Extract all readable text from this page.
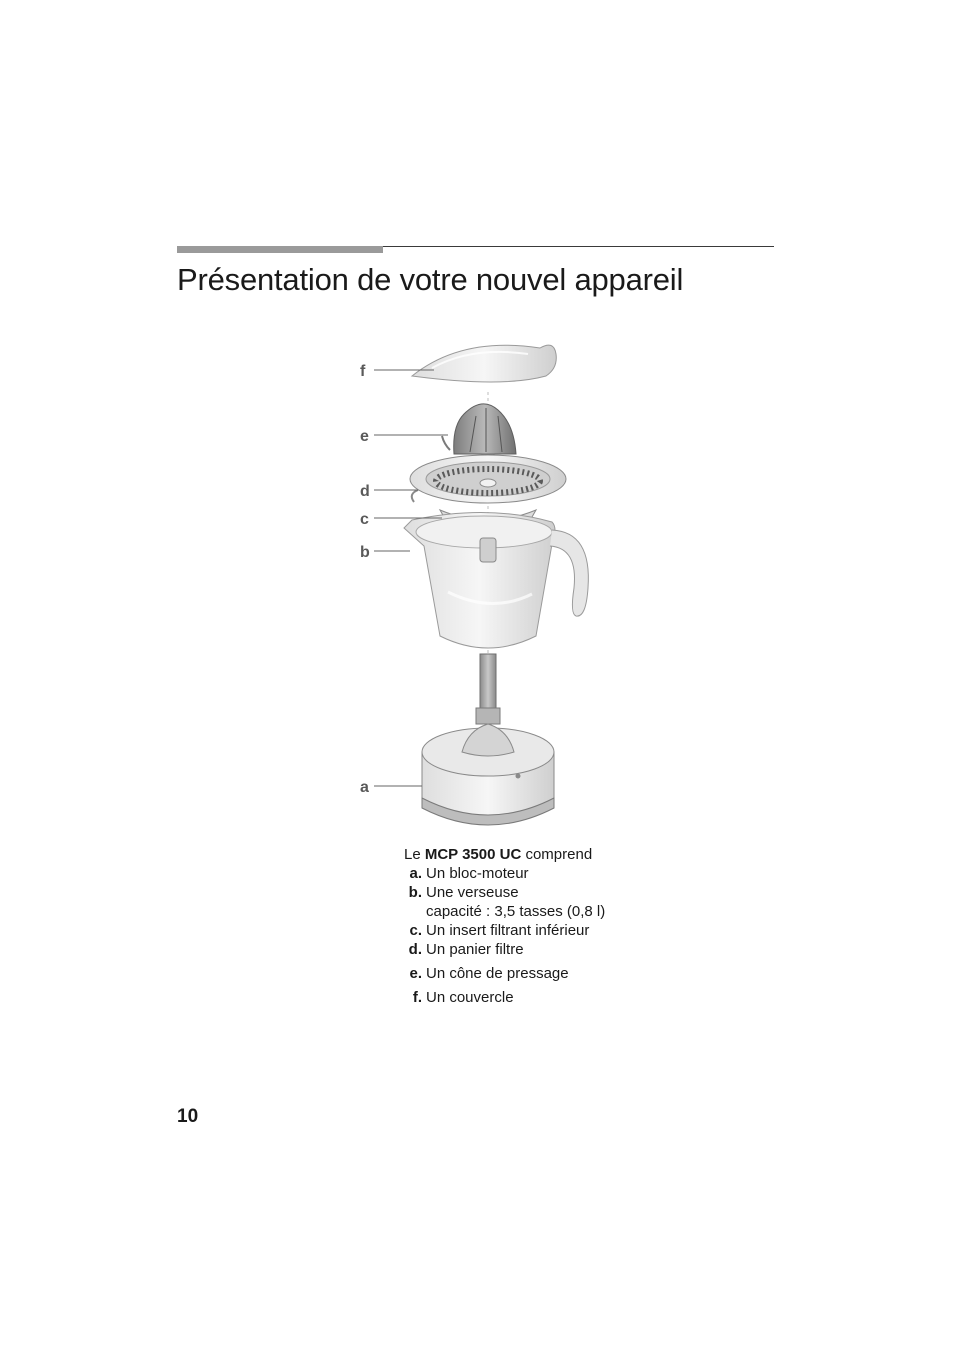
Présentation de votre nouvel appareil
f
e
d
c
b
a

Le MCP 3500 UC comprend

a. Un bloc-moteur
b. Une verseuse
capacité : 3,5 tasses (0,8 l)
c. Un insert filtrant inférieur
d. Un panier filtre
e. Un cône de pressage
f. Un couvercle
10
